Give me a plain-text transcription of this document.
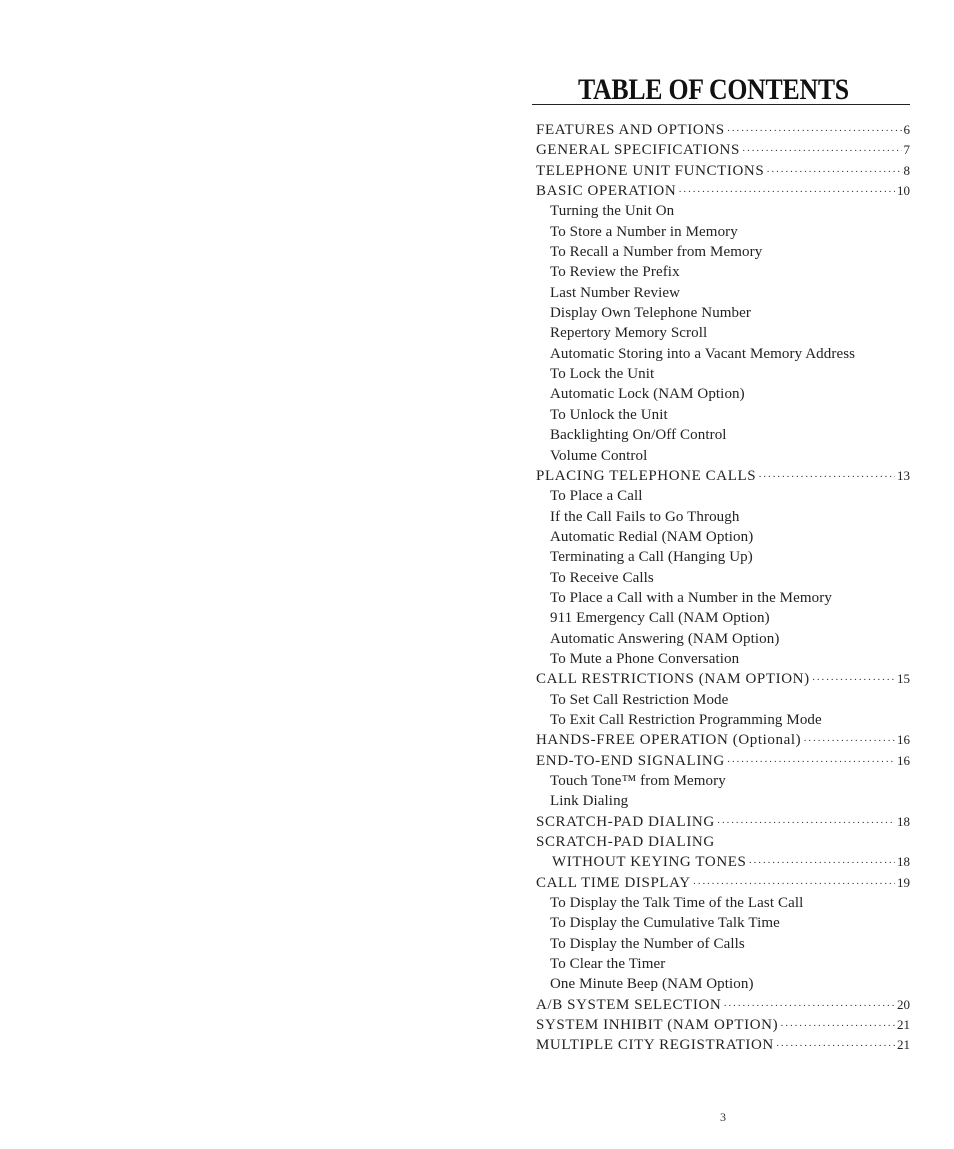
TABLE OF CONTENTS
FEATURES AND OPTIONS ·····	6
GENERAL SPECIFICATIONS ·····	7
TELEPHONE UNIT FUNCTIONS ·····	8
BASIC OPERATION ·····	10
Turning the Unit On
To Store a Number in Memory
To Recall a Number from Memory
To Review the Prefix
Last Number Review
Display Own Telephone Number
Repertory Memory Scroll
Automatic Storing into a Vacant Memory Address
To Lock the Unit
Automatic Lock (NAM Option)
To Unlock the Unit
Backlighting On/Off Control
Volume Control
PLACING TELEPHONE CALLS ·····	13
To Place a Call
If the Call Fails to Go Through
Automatic Redial (NAM Option)
Terminating a Call (Hanging Up)
To Receive Calls
To Place a Call with a Number in the Memory
911 Emergency Call (NAM Option)
Automatic Answering (NAM Option)
To Mute a Phone Conversation
CALL RESTRICTIONS (NAM OPTION) ·····	15
To Set Call Restriction Mode
To Exit Call Restriction Programming Mode
HANDS-FREE OPERATION (Optional) ·····	16
END-TO-END SIGNALING ·····	16
Touch Tone™ from Memory
Link Dialing
SCRATCH-PAD DIALING ·····	18
SCRATCH-PAD DIALING
WITHOUT KEYING TONES ·····	18
CALL TIME DISPLAY ·····	19
To Display the Talk Time of the Last Call
To Display the Cumulative Talk Time
To Display the Number of Calls
To Clear the Timer
One Minute Beep (NAM Option)
A/B SYSTEM SELECTION ·····	20
SYSTEM INHIBIT (NAM OPTION) ·····	21
MULTIPLE CITY REGISTRATION ·····	21
3
